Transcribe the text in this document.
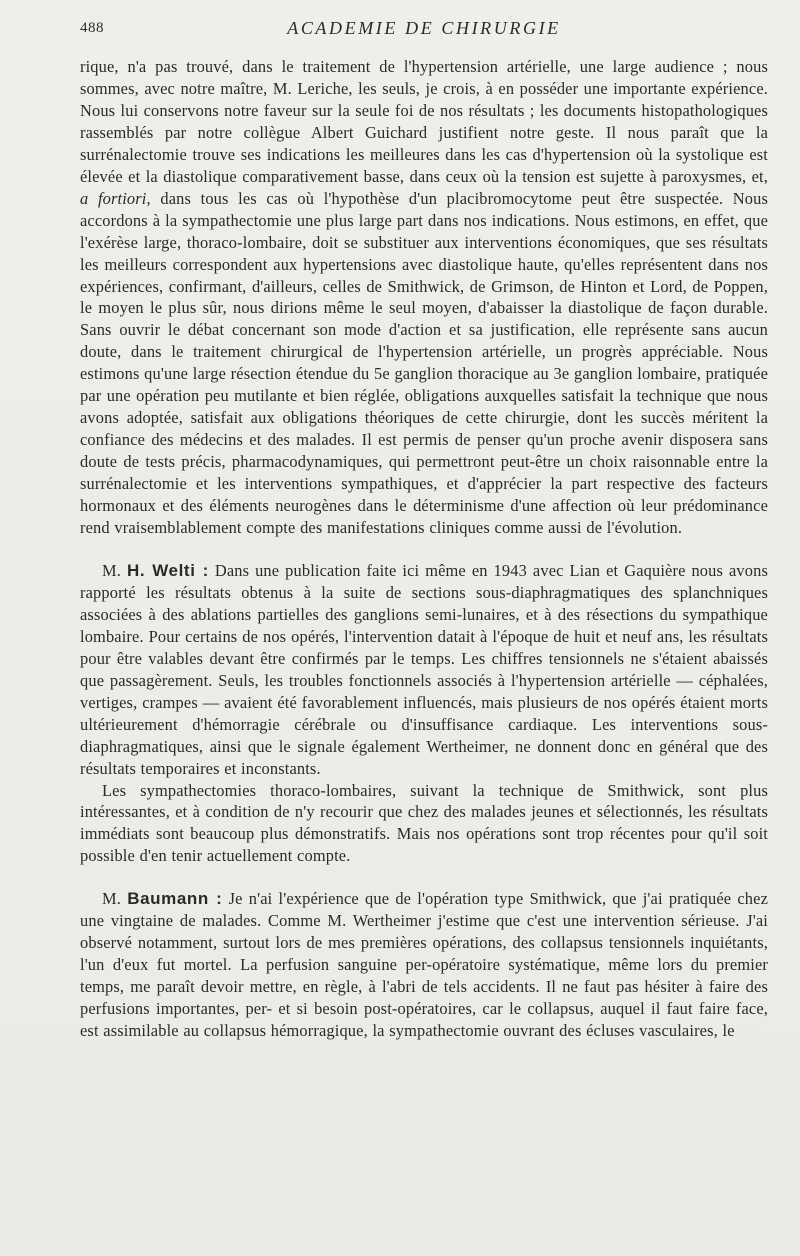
488	ACADEMIE DE CHIRURGIE

rique, n'a pas trouvé, dans le traitement de l'hypertension artérielle, une large audience ; nous sommes, avec notre maître, M. Leriche, les seuls, je crois, à en posséder une importante expérience. Nous lui conservons notre faveur sur la seule foi de nos résultats ; les documents histopathologiques rassemblés par notre collègue Albert Guichard justifient notre geste. Il nous paraît que la surrénalectomie trouve ses indications les meilleures dans les cas d'hypertension où la systolique est élevée et la diastolique comparativement basse, dans ceux où la tension est sujette à paroxysmes, et, a fortiori, dans tous les cas où l'hypothèse d'un placibromocytome peut être suspectée. Nous accordons à la sympathectomie une plus large part dans nos indications. Nous estimons, en effet, que l'exérèse large, thoraco-lombaire, doit se substituer aux interventions économiques, que ses résultats les meilleurs correspondent aux hypertensions avec diastolique haute, qu'elles représentent dans nos expériences, confirmant, d'ailleurs, celles de Smithwick, de Grimson, de Hinton et Lord, de Poppen, le moyen le plus sûr, nous dirions même le seul moyen, d'abaisser la diastolique de façon durable. Sans ouvrir le débat concernant son mode d'action et sa justification, elle représente sans aucun doute, dans le traitement chirurgical de l'hypertension artérielle, un progrès appréciable. Nous estimons qu'une large résection étendue du 5e ganglion thoracique au 3e ganglion lombaire, pratiquée par une opération peu mutilante et bien réglée, obligations auxquelles satisfait la technique que nous avons adoptée, satisfait aux obligations théoriques de cette chirurgie, dont les succès méritent la confiance des médecins et des malades. Il est permis de penser qu'un proche avenir disposera sans doute de tests précis, pharmacodynamiques, qui permettront peut-être un choix raisonnable entre la surrénalectomie et les interventions sympathiques, et d'apprécier la part respective des facteurs hormonaux et des éléments neurogènes dans le déterminisme d'une affection où leur prédominance rend vraisemblablement compte des manifestations cliniques comme aussi de l'évolution.

M. H. Welti : Dans une publication faite ici même en 1943 avec Lian et Gaquière nous avons rapporté les résultats obtenus à la suite de sections sous-diaphragmatiques des splanchniques associées à des ablations partielles des ganglions semi-lunaires, et à des résections du sympathique lombaire. Pour certains de nos opérés, l'intervention datait à l'époque de huit et neuf ans, les résultats pour être valables devant être confirmés par le temps. Les chiffres tensionnels ne s'étaient abaissés que passagèrement. Seuls, les troubles fonctionnels associés à l'hypertension artérielle — céphalées, vertiges, crampes — avaient été favorablement influencés, mais plusieurs de nos opérés étaient morts ultérieurement d'hémorragie cérébrale ou d'insuffisance cardiaque. Les interventions sous-diaphragmatiques, ainsi que le signale également Wertheimer, ne donnent donc en général que des résultats temporaires et inconstants.

Les sympathectomies thoraco-lombaires, suivant la technique de Smithwick, sont plus intéressantes, et à condition de n'y recourir que chez des malades jeunes et sélectionnés, les résultats immédiats sont beaucoup plus démonstratifs. Mais nos opérations sont trop récentes pour qu'il soit possible d'en tenir actuellement compte.

M. Baumann : Je n'ai l'expérience que de l'opération type Smithwick, que j'ai pratiquée chez une vingtaine de malades. Comme M. Wertheimer j'estime que c'est une intervention sérieuse. J'ai observé notamment, surtout lors de mes premières opérations, des collapsus tensionnels inquiétants, l'un d'eux fut mortel. La perfusion sanguine per-opératoire systématique, même lors du premier temps, me paraît devoir mettre, en règle, à l'abri de tels accidents. Il ne faut pas hésiter à faire des perfusions importantes, per- et si besoin post-opératoires, car le collapsus, auquel il faut faire face, est assimilable au collapsus hémorragique, la sympathectomie ouvrant des écluses vasculaires, le
